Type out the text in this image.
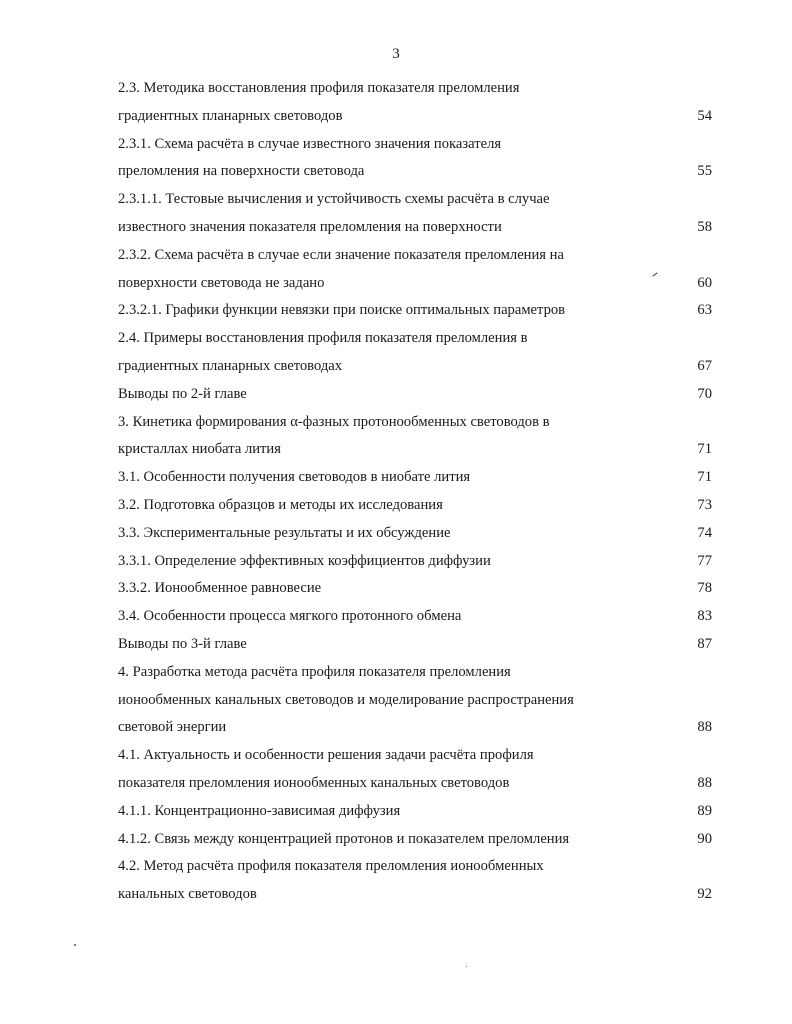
3
2.3. Методика восстановления профиля показателя преломления
градиентных планарных световодов	54
2.3.1. Схема расчёта в случае известного значения показателя
преломления на поверхности световода	55
2.3.1.1. Тестовые вычисления и устойчивость схемы расчёта в случае
известного значения показателя преломления на поверхности	58
2.3.2. Схема расчёта в случае если значение показателя преломления на
поверхности световода не задано	60
2.3.2.1. Графики функции невязки при поиске оптимальных параметров	63
2.4. Примеры восстановления профиля показателя преломления в
градиентных планарных световодах	67
Выводы по 2-й главе	70
3. Кинетика формирования α-фазных протонообменных световодов в
кристаллах ниобата лития	71
3.1. Особенности получения световодов в ниобате лития	71
3.2. Подготовка образцов и методы их исследования	73
3.3. Экспериментальные результаты и их обсуждение	74
3.3.1. Определение эффективных коэффициентов диффузии	77
3.3.2. Ионообменное равновесие	78
3.4. Особенности процесса мягкого протонного обмена	83
Выводы по 3-й главе	87
4. Разработка метода расчёта профиля показателя преломления
ионообменных канальных световодов и моделирование распространения
световой энергии	88
4.1. Актуальность и особенности решения задачи расчёта профиля
показателя преломления ионообменных канальных световодов	88
4.1.1. Концентрационно-зависимая диффузия	89
4.1.2. Связь между концентрацией протонов и показателем преломления	90
4.2. Метод расчёта профиля показателя преломления ионообменных
канальных световодов	92
